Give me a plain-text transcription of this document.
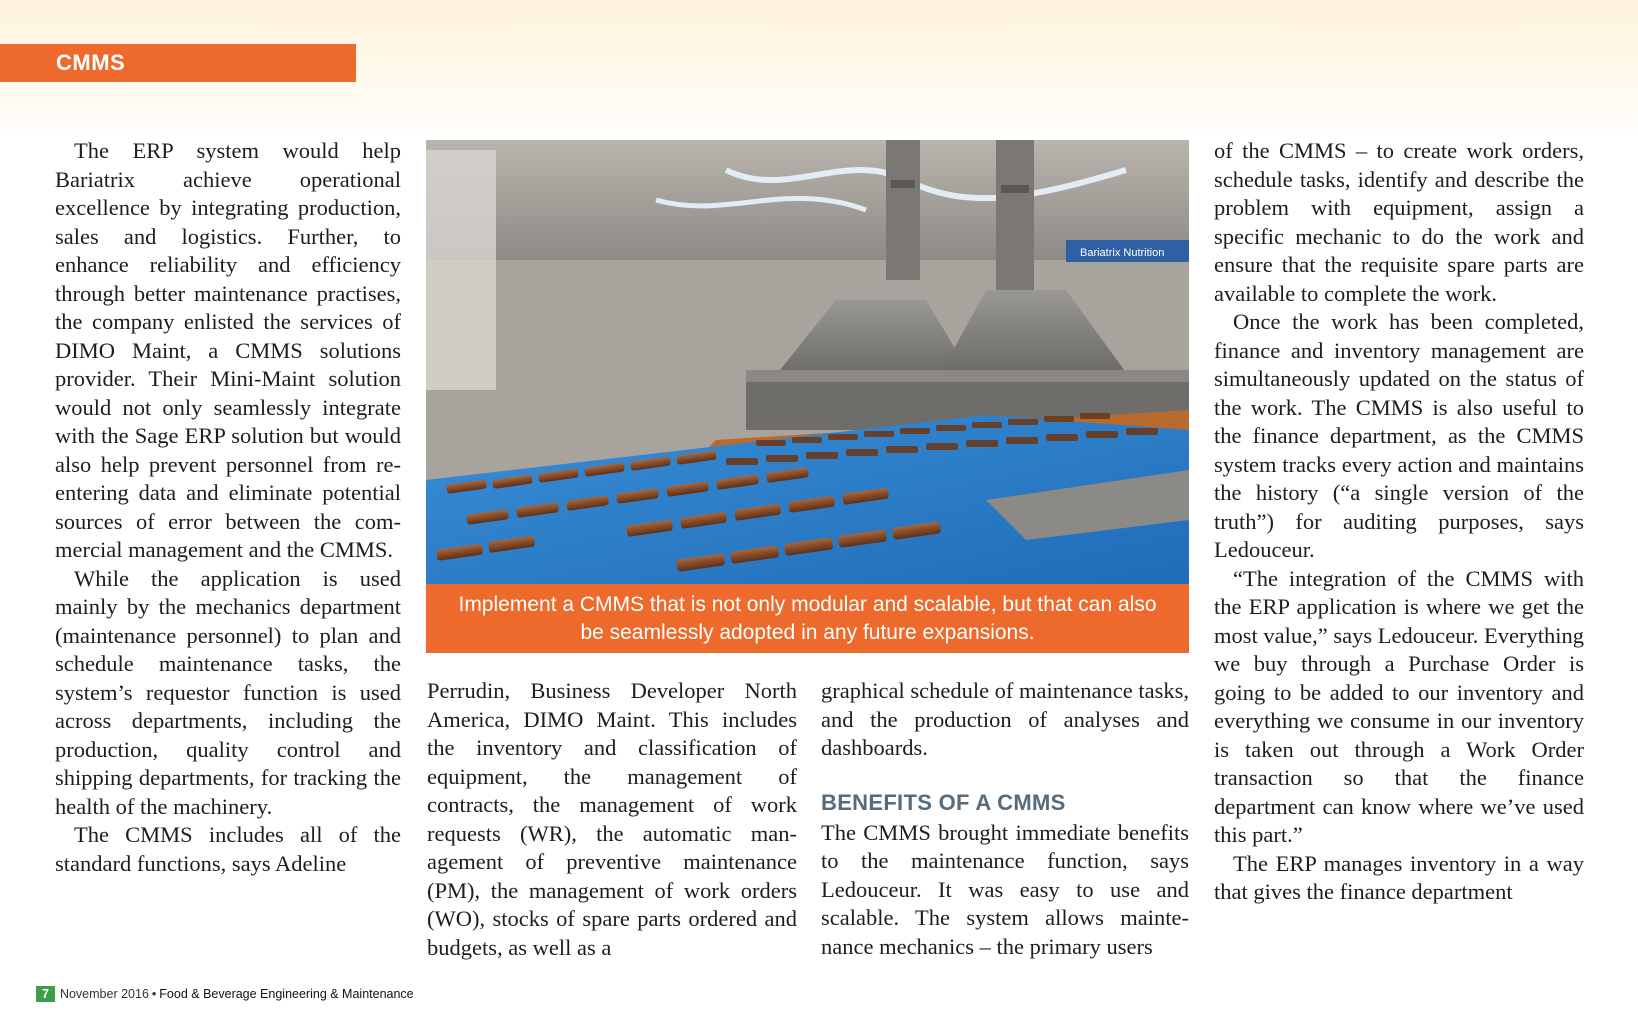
CMMS

The ERP system would help Bariatrix achieve operational excellence by integrating production, sales and logistics. Further, to enhance reliability and efficiency through better maintenance practises, the company enlisted the services of DIMO Maint, a CMMS solutions provider. Their Mini-Maint solution would not only seamlessly integrate with the Sage ERP solution but would also help prevent personnel from re-entering data and eliminate potential sources of error between the commercial management and the CMMS.

While the application is used mainly by the mechanics department (maintenance personnel) to plan and schedule maintenance tasks, the system’s requestor function is used across departments, including the production, quality control and shipping departments, for tracking the health of the machinery.

The CMMS includes all of the standard functions, says Adeline

Bariatrix Nutrition
Implement a CMMS that is not only modular and scalable, but that can also be seamlessly adopted in any future expansions.

Perrudin, Business Developer North America, DIMO Maint. This includes the inventory and classification of equipment, the management of contracts, the management of work requests (WR), the automatic management of preventive maintenance (PM), the management of work orders (WO), stocks of spare parts ordered and budgets, as well as a

graphical schedule of maintenance tasks, and the production of analyses and dashboards.

BENEFITS OF A CMMS

The CMMS brought immediate benefits to the maintenance function, says Ledouceur. It was easy to use and scalable. The system allows maintenance mechanics – the primary users

of the CMMS – to create work orders, schedule tasks, identify and describe the problem with equipment, assign a specific mechanic to do the work and ensure that the requisite spare parts are available to complete the work.

Once the work has been completed, finance and inventory management are simultaneously updated on the status of the work. The CMMS is also useful to the finance department, as the CMMS system tracks every action and maintains the history (“a single version of the truth”) for auditing purposes, says Ledouceur.

“The integration of the CMMS with the ERP application is where we get the most value,” says Ledouceur. Everything we buy through a Purchase Order is going to be added to our inventory and everything we consume in our inventory is taken out through a Work Order transaction so that the finance department can know where we’ve used this part.”

The ERP manages inventory in a way that gives the finance department

7 November 2016 • Food & Beverage Engineering & Maintenance
